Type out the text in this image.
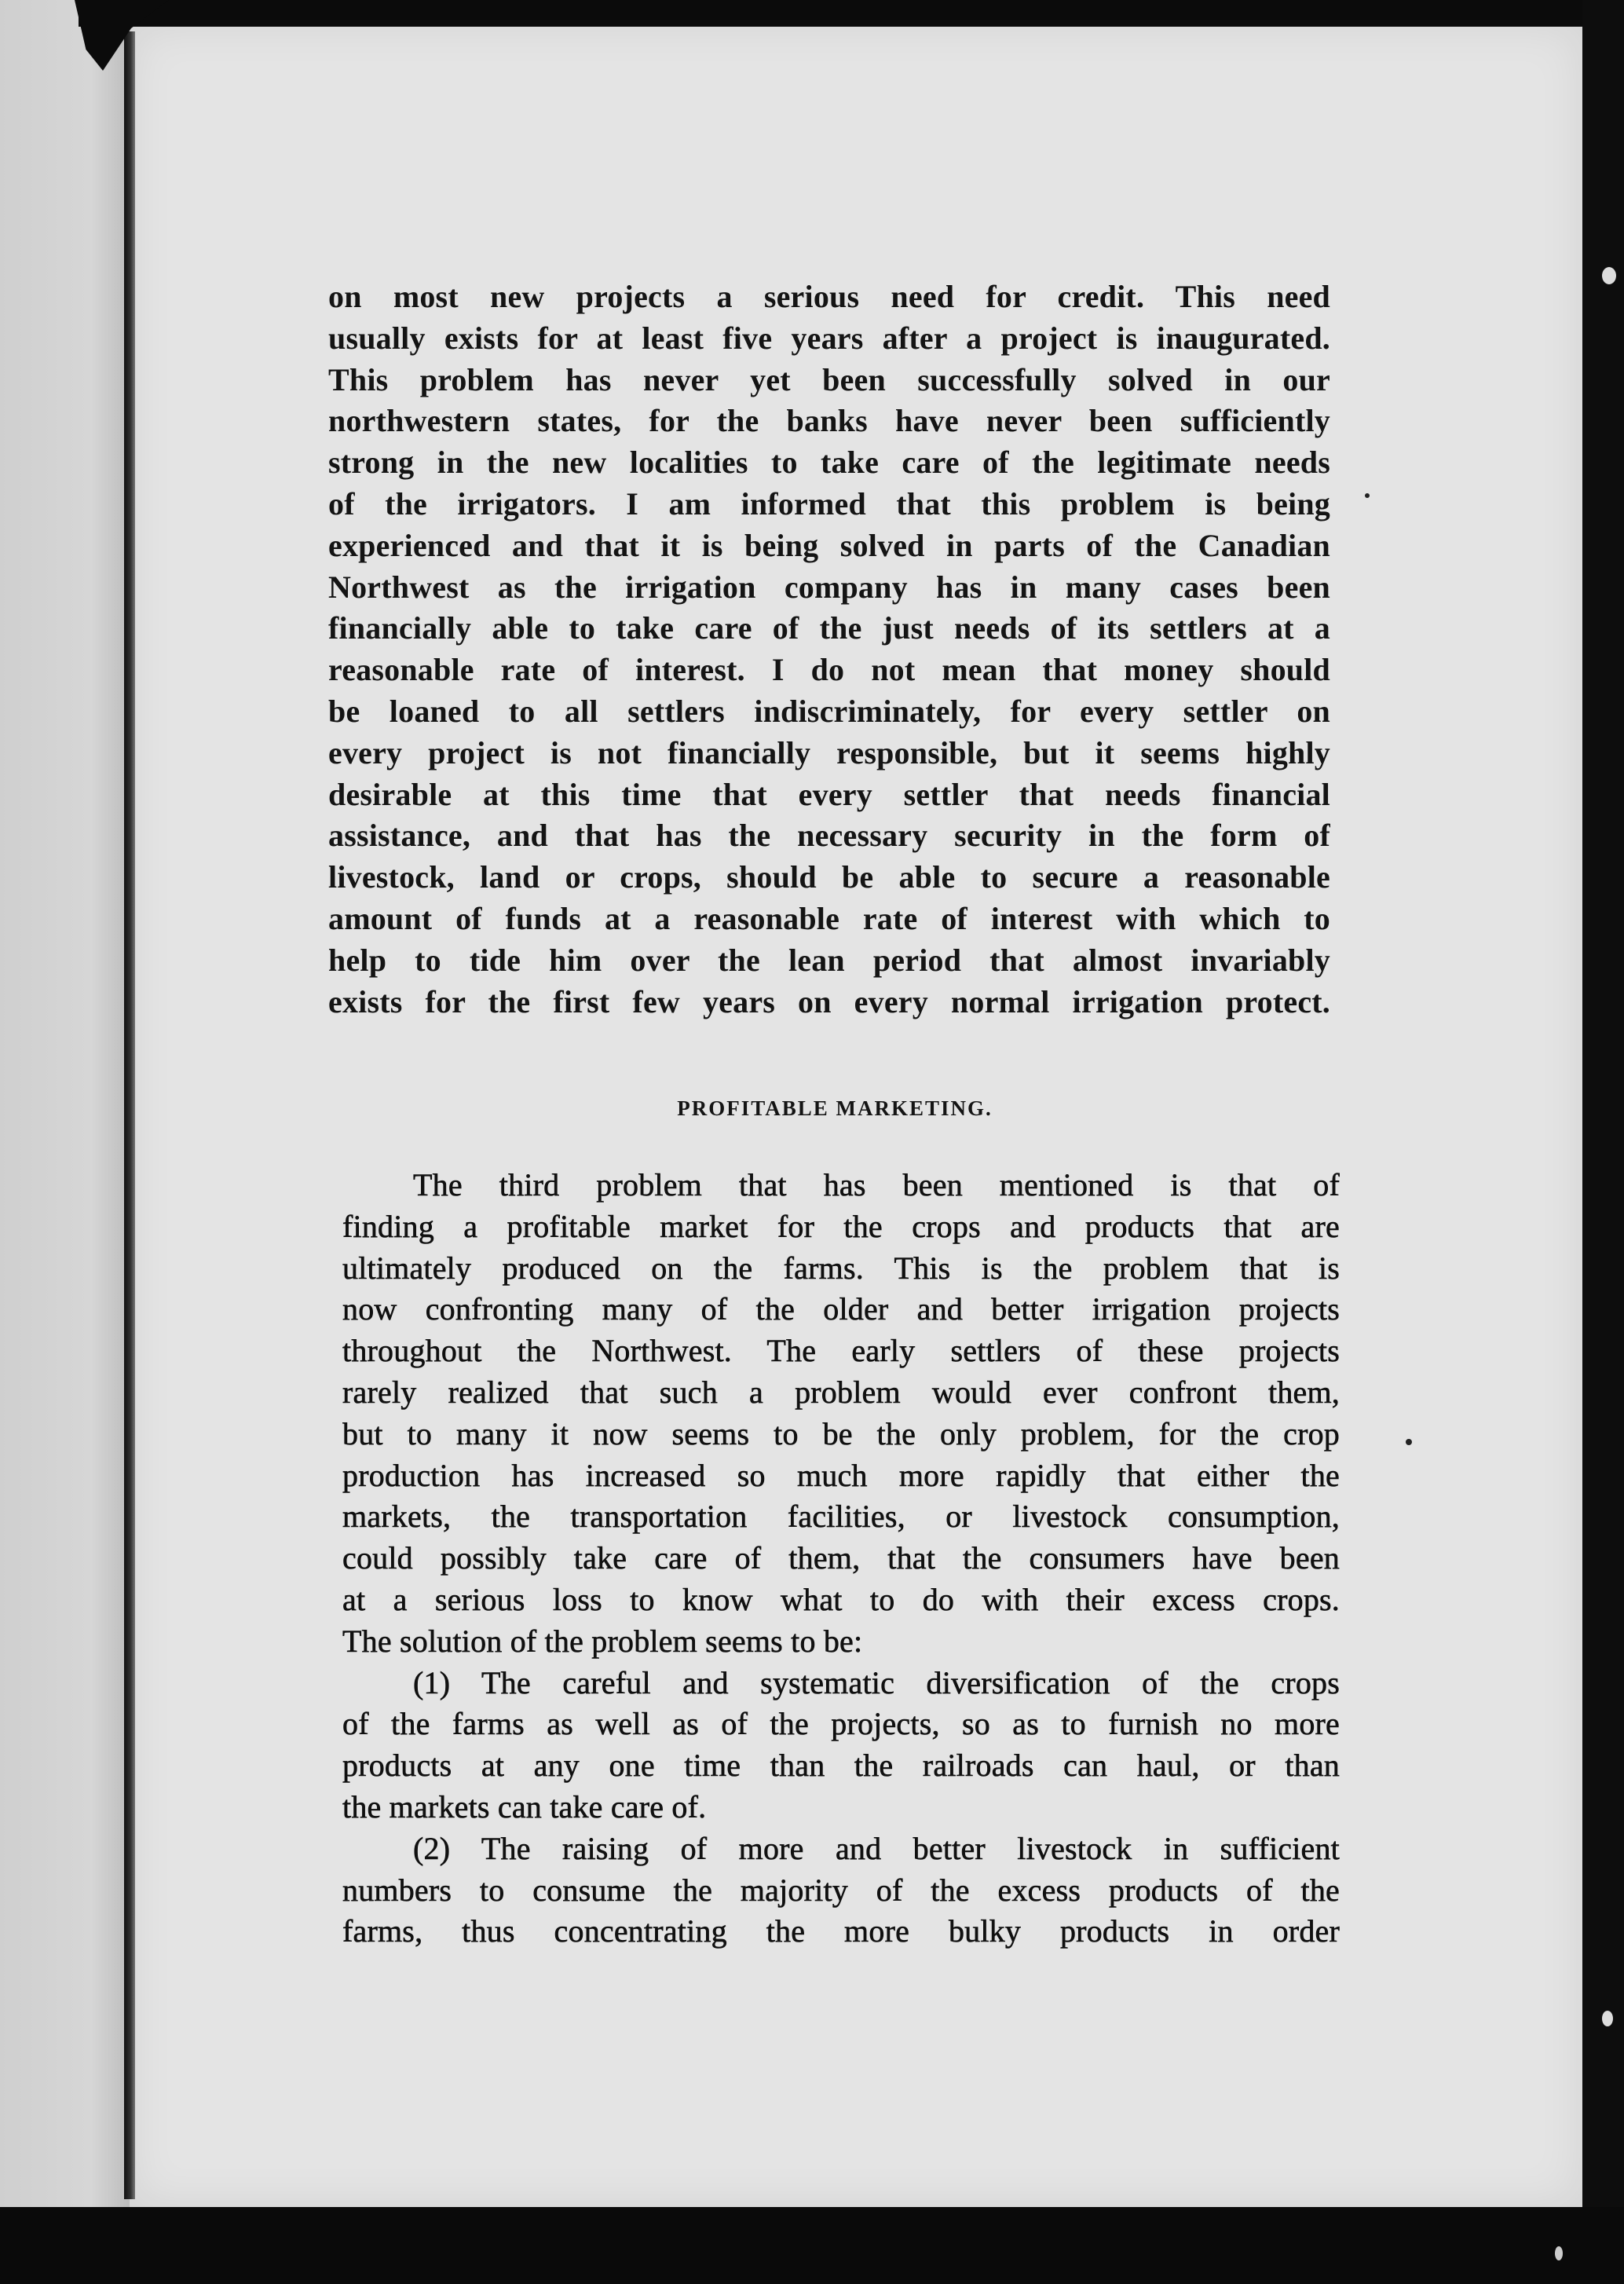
on most new projects a serious need for credit. This need

usually exists for at least five years after a project is inaugurated.

This problem has never yet been successfully solved in our

northwestern states, for the banks have never been sufficiently

strong in the new localities to take care of the legitimate needs

of the irrigators. I am informed that this problem is being

experienced and that it is being solved in parts of the Canadian

Northwest as the irrigation company has in many cases been

financially able to take care of the just needs of its settlers at a

reasonable rate of interest. I do not mean that money should

be loaned to all settlers indiscriminately, for every settler on

every project is not financially responsible, but it seems highly

desirable at this time that every settler that needs financial

assistance, and that has the necessary security in the form of

livestock, land or crops, should be able to secure a reasonable

amount of funds at a reasonable rate of interest with which to

help to tide him over the lean period that almost invariably

exists for the first few years on every normal irrigation protect.

PROFITABLE MARKETING.

The third problem that has been mentioned is that of

finding a profitable market for the crops and products that are

ultimately produced on the farms. This is the problem that is

now confronting many of the older and better irrigation projects

throughout the Northwest. The early settlers of these projects

rarely realized that such a problem would ever confront them,

but to many it now seems to be the only problem, for the crop

production has increased so much more rapidly that either the

markets, the transportation facilities, or livestock consumption,

could possibly take care of them, that the consumers have been

at a serious loss to know what to do with their excess crops.

The solution of the problem seems to be:

(1) The careful and systematic diversification of the crops

of the farms as well as of the projects, so as to furnish no more

products at any one time than the railroads can haul, or than

the markets can take care of.

(2) The raising of more and better livestock in sufficient

numbers to consume the majority of the excess products of the

farms, thus concentrating the more bulky products in order
